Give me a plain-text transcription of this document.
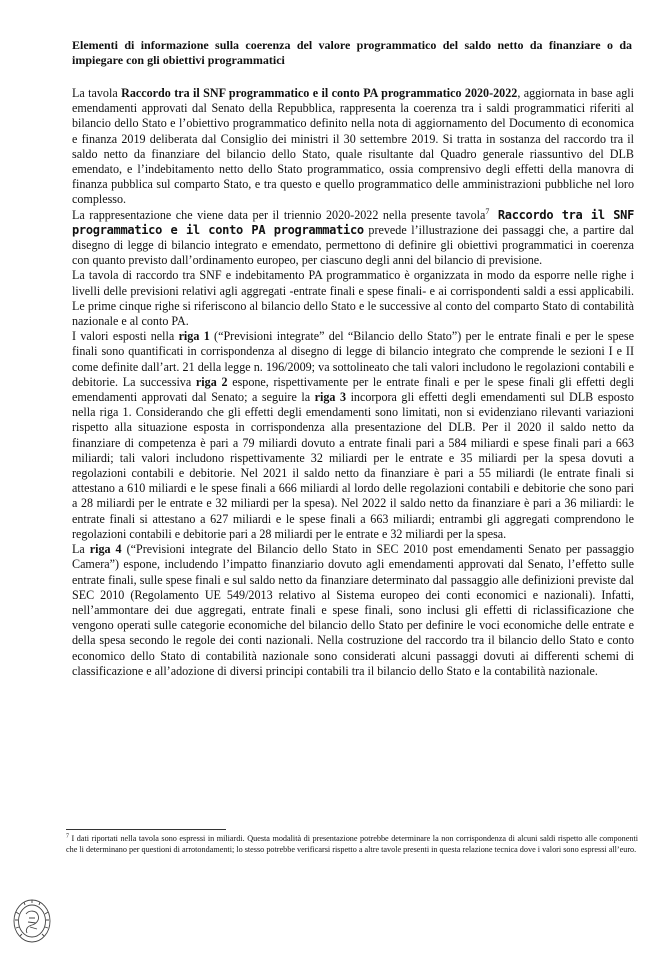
Elementi di informazione sulla coerenza del valore programmatico del saldo netto da finanziare o da impiegare con gli obiettivi programmatici

La tavola Raccordo tra il SNF programmatico e il conto PA programmatico 2020-2022, aggiornata in base agli emendamenti approvati dal Senato della Repubblica, rappresenta la coerenza tra i saldi programmatici riferiti al bilancio dello Stato e l’obiettivo programmatico definito nella nota di aggiornamento del Documento di economica e finanza 2019 deliberata dal Consiglio dei ministri il 30 settembre 2019. Si tratta in sostanza del raccordo tra il saldo netto da finanziare del bilancio dello Stato, quale risultante dal Quadro generale riassuntivo del DLB emendato, e l’indebitamento netto dello Stato programmatico, ossia comprensivo degli effetti della manovra di finanza pubblica sul comparto Stato, e tra questo e quello programmatico delle amministrazioni pubbliche nel loro complesso.

La rappresentazione che viene data per il triennio 2020-2022 nella presente tavola$^7$ Raccordo tra il SNF programmatico e il conto PA programmatico prevede l’illustrazione dei passaggi che, a partire dal disegno di legge di bilancio integrato e emendato, permettono di definire gli obiettivi programmatici in coerenza con quanto previsto dall’ordinamento europeo, per ciascuno degli anni del bilancio di previsione.

La tavola di raccordo tra SNF e indebitamento PA programmatico è organizzata in modo da esporre nelle righe i livelli delle previsioni relativi agli aggregati -entrate finali e spese finali- e ai corrispondenti saldi a essi applicabili. Le prime cinque righe si riferiscono al bilancio dello Stato e le successive al conto del comparto Stato di contabilità nazionale e al conto PA.

I valori esposti nella riga 1 (“Previsioni integrate” del “Bilancio dello Stato”) per le entrate finali e per le spese finali sono quantificati in corrispondenza al disegno di legge di bilancio integrato che comprende le sezioni I e II come definite dall’art. 21 della legge n. 196/2009; va sottolineato che tali valori includono le regolazioni contabili e debitorie. La successiva riga 2 espone, rispettivamente per le entrate finali e per le spese finali gli effetti degli emendamenti approvati dal Senato; a seguire la riga 3 incorpora gli effetti degli emendamenti sul DLB esposto nella riga 1. Considerando che gli effetti degli emendamenti sono limitati, non si evidenziano rilevanti variazioni rispetto alla situazione esposta in corrispondenza alla presentazione del DLB. Per il 2020 il saldo netto da finanziare di competenza è pari a 79 miliardi dovuto a entrate finali pari a 584 miliardi e spese finali pari a 663 miliardi; tali valori includono rispettivamente 32 miliardi per le entrate e 35 miliardi per la spesa dovuti a regolazioni contabili e debitorie. Nel 2021 il saldo netto da finanziare è pari a 55 miliardi (le entrate finali si attestano a 610 miliardi e le spese finali a 666 miliardi al lordo delle regolazioni contabili e debitorie che sono pari a 28 miliardi per le entrate e 32 miliardi per la spesa). Nel 2022 il saldo netto da finanziare è pari a 36 miliardi: le entrate finali si attestano a 627 miliardi e le spese finali a 663 miliardi; entrambi gli aggregati comprendono le regolazioni contabili e debitorie pari a 28 miliardi per le entrate e 32 miliardi per la spesa.

La riga 4 (“Previsioni integrate del Bilancio dello Stato in SEC 2010 post emendamenti Senato per passaggio Camera”) espone, includendo l’impatto finanziario dovuto agli emendamenti approvati dal Senato, l’effetto sulle entrate finali, sulle spese finali e sul saldo netto da finanziare determinato dal passaggio alle definizioni previste dal SEC 2010 (Regolamento UE 549/2013 relativo al Sistema europeo dei conti economici e nazionali). Infatti, nell’ammontare dei due aggregati, entrate finali e spese finali, sono inclusi gli effetti di riclassificazione che vengono operati sulle categorie economiche del bilancio dello Stato per definire le voci economiche delle entrate e della spesa secondo le regole dei conti nazionali. Nella costruzione del raccordo tra il bilancio dello Stato e conto economico dello Stato di contabilità nazionale sono considerati alcuni passaggi dovuti ai differenti schemi di classificazione e all’adozione di diversi principi contabili tra il bilancio dello Stato e la contabilità nazionale.

$^7$ I dati riportati nella tavola sono espressi in miliardi. Questa modalità di presentazione potrebbe determinare la non corrispondenza di alcuni saldi rispetto alle componenti che li determinano per questioni di arrotondamenti; lo stesso potrebbe verificarsi rispetto a altre tavole presenti in questa relazione tecnica dove i valori sono espressi all’euro.
